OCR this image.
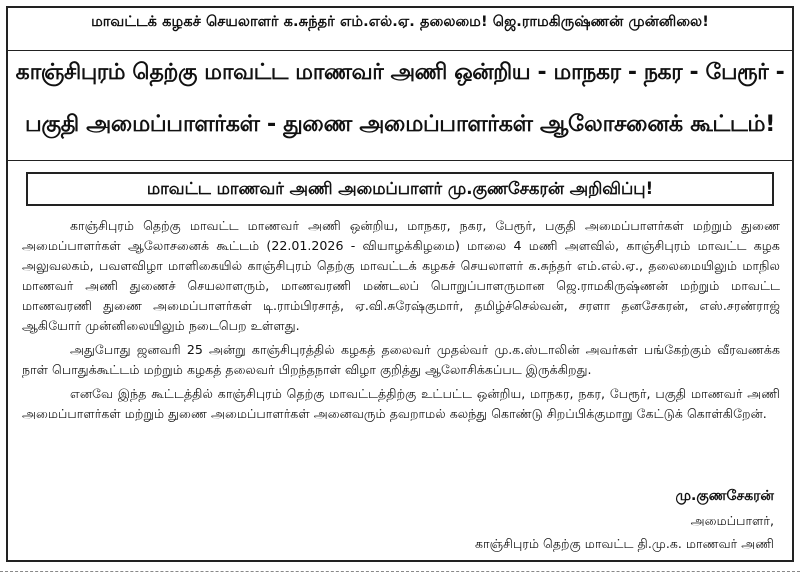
மாவட்டக் கழகச் செயலாளர் க.சுந்தர் எம்.எல்.ஏ. தலைமை! ஜெ.ராமகிருஷ்ணன் முன்னிலை!
காஞ்சிபுரம் தெற்கு மாவட்ட மாணவர் அணி ஒன்றிய - மாநகர - நகர - பேரூர் -
பகுதி அமைப்பாளர்கள் - துணை அமைப்பாளர்கள் ஆலோசனைக் கூட்டம்!
மாவட்ட மாணவர் அணி அமைப்பாளர் மு.குணசேகரன் அறிவிப்பு!

காஞ்சிபுரம் தெற்கு மாவட்ட மாணவர் அணி ஒன்றிய, மாநகர, நகர, பேரூர், பகுதி அமைப்பாளர்கள் மற்றும் துணை அமைப்பாளர்கள் ஆலோசனைக் கூட்டம் (22.01.2026 - வியாழக்கிழமை) மாலை 4 மணி அளவில், காஞ்சிபுரம் மாவட்ட கழக அலுவலகம், பவளவிழா மாளிகையில் காஞ்சிபுரம் தெற்கு மாவட்டக் கழகச் செயலாளர் க.சுந்தர் எம்.எல்.ஏ., தலைமையிலும் மாநில மாணவர் அணி துணைச் செயலாளரும், மாணவரணி மண்டலப் பொறுப்பாளருமான ஜெ.ராமகிருஷ்ணன் மற்றும் மாவட்ட மாணவரணி துணை அமைப்பாளர்கள் டி.ராம்பிரசாத், ஏ.வி.சுரேஷ்குமார், தமிழ்ச்செல்வன், சரளா தனசேகரன், எஸ்.சரண்ராஜ் ஆகியோர் முன்னிலையிலும் நடைபெற உள்ளது.

அதுபோது ஜனவரி 25 அன்று காஞ்சிபுரத்தில் கழகத் தலைவர் முதல்வர் மு.க.ஸ்டாலின் அவர்கள் பங்கேற்கும் வீரவணக்க நாள் பொதுக்கூட்டம் மற்றும் கழகத் தலைவர் பிறந்தநாள் விழா குறித்து ஆலோசிக்கப்பட இருக்கிறது.

எனவே இந்த கூட்டத்தில் காஞ்சிபுரம் தெற்கு மாவட்டத்திற்கு உட்பட்ட ஒன்றிய, மாநகர, நகர, பேரூர், பகுதி மாணவர் அணி அமைப்பாளர்கள் மற்றும் துணை அமைப்பாளர்கள் அனைவரும் தவறாமல் கலந்து கொண்டு சிறப்பிக்குமாறு கேட்டுக் கொள்கிறேன்.

மு.குணசேகரன்
அமைப்பாளர்,
காஞ்சிபுரம் தெற்கு மாவட்ட தி.மு.க. மாணவர் அணி
